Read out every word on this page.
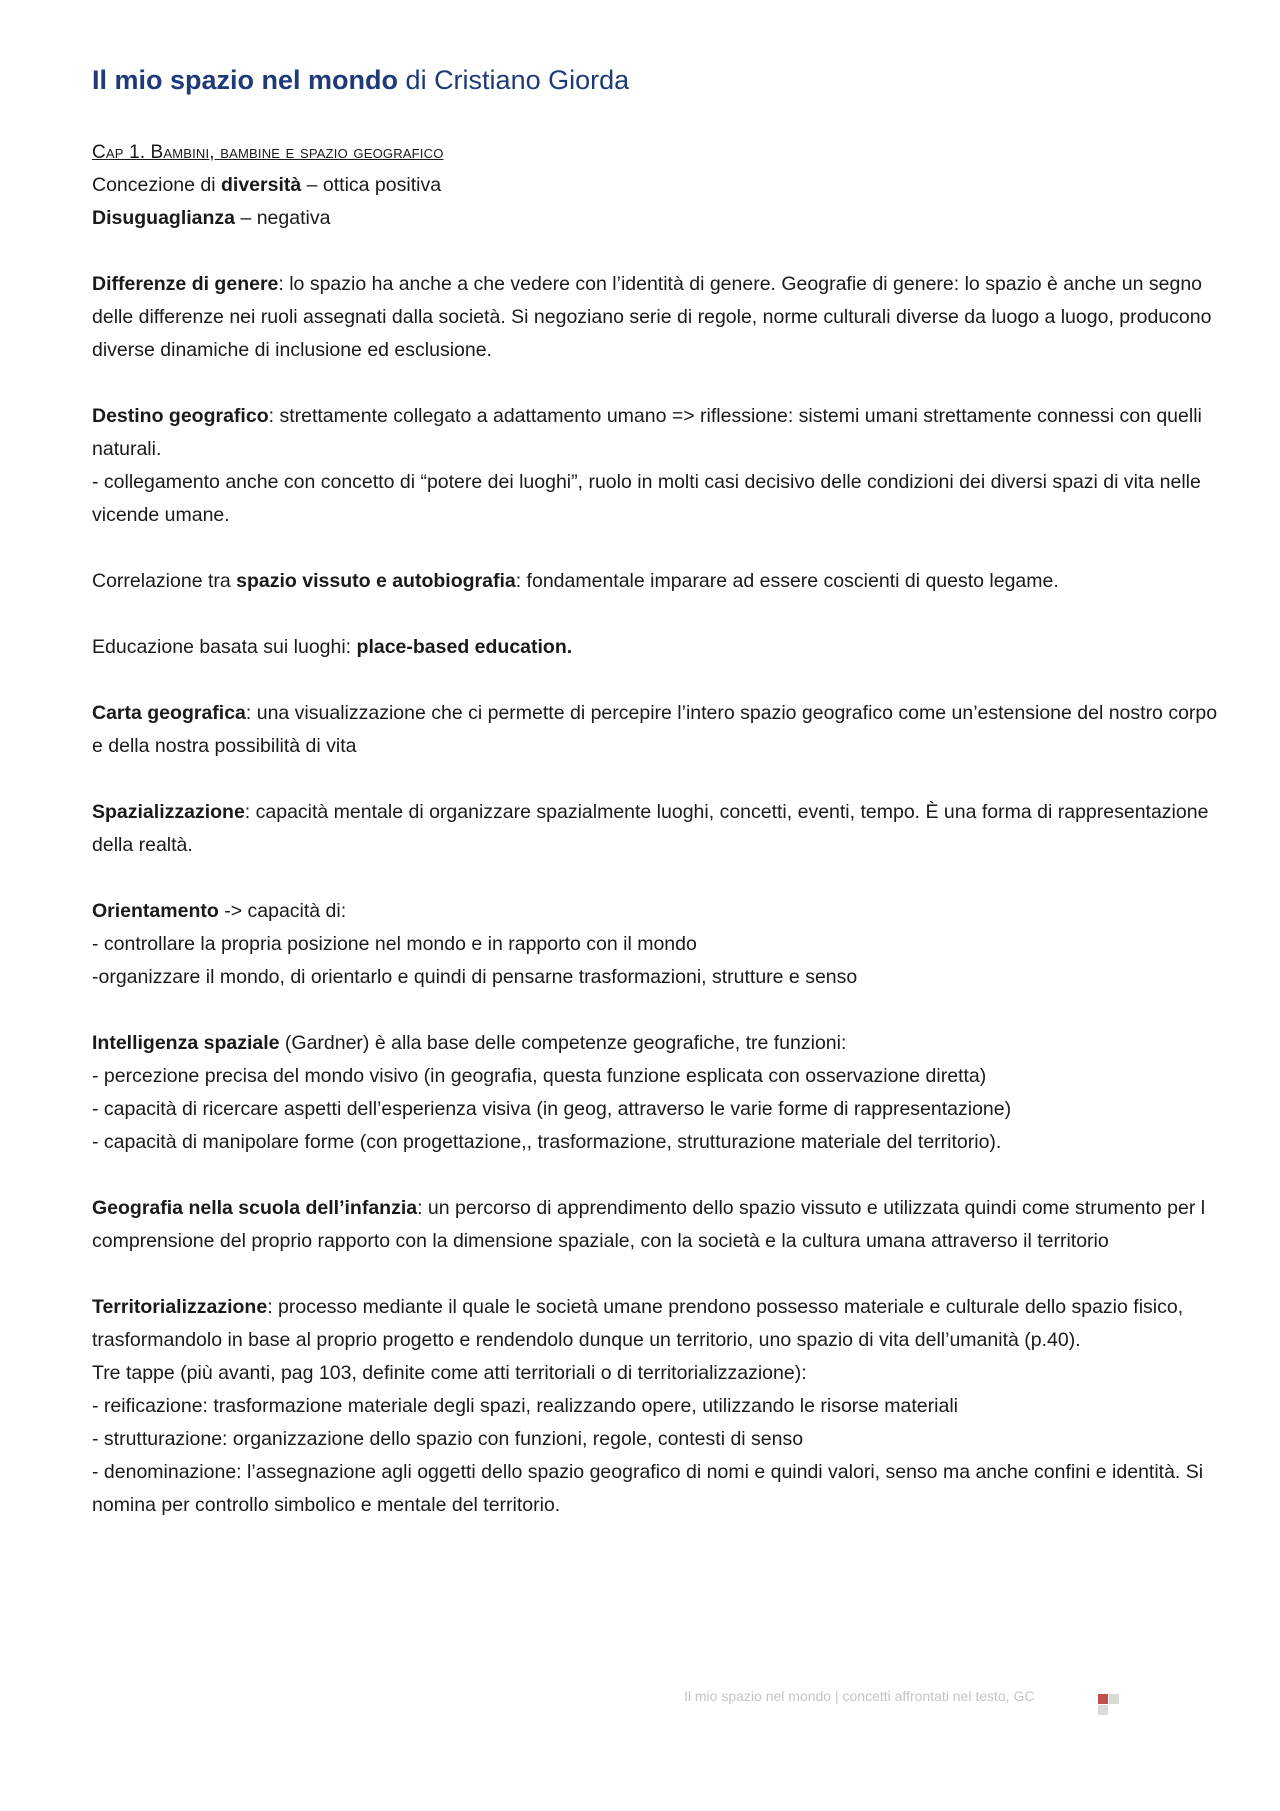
Il mio spazio nel mondo di Cristiano Giorda
Cap 1. Bambini, bambine e spazio geografico

Concezione di diversità – ottica positiva
Disuguaglianza – negativa

Differenze di genere: lo spazio ha anche a che vedere con l’identità di genere. Geografie di genere: lo spazio è anche un segno delle differenze nei ruoli assegnati dalla società. Si negoziano serie di regole, norme culturali diverse da luogo a luogo, producono diverse dinamiche di inclusione ed esclusione.

Destino geografico: strettamente collegato a adattamento umano => riflessione: sistemi umani strettamente connessi con quelli naturali.
- collegamento anche con concetto di “potere dei luoghi”, ruolo in molti casi decisivo delle condizioni dei diversi spazi di vita nelle vicende umane.

Correlazione tra spazio vissuto e autobiografia: fondamentale imparare ad essere coscienti di questo legame.

Educazione basata sui luoghi: place-based education.

Carta geografica: una visualizzazione che ci permette di percepire l’intero spazio geografico come un’estensione del nostro corpo e della nostra possibilità di vita

Spazializzazione: capacità mentale di organizzare spazialmente luoghi, concetti, eventi, tempo. È una forma di rappresentazione della realtà.

Orientamento -> capacità di:
- controllare la propria posizione nel mondo e in rapporto con il mondo
-organizzare il mondo, di orientarlo e quindi di pensarne trasformazioni, strutture e senso

Intelligenza spaziale (Gardner) è alla base delle competenze geografiche, tre funzioni:
- percezione precisa del mondo visivo (in geografia, questa funzione esplicata con osservazione diretta)
- capacità di ricercare aspetti dell’esperienza visiva (in geog, attraverso le varie forme di rappresentazione)
- capacità di manipolare forme (con progettazione,, trasformazione, strutturazione materiale del territorio).

Geografia nella scuola dell’infanzia: un percorso di apprendimento dello spazio vissuto e utilizzata quindi come strumento per l comprensione del proprio rapporto con la dimensione spaziale, con la società e la cultura umana attraverso il territorio

Territorializzazione: processo mediante il quale le società umane prendono possesso materiale e culturale dello spazio fisico, trasformandolo in base al proprio progetto e rendendolo dunque un territorio, uno spazio di vita dell’umanità (p.40).
Tre tappe (più avanti, pag 103, definite come atti territoriali o di territorializzazione):
- reificazione: trasformazione materiale degli spazi, realizzando opere, utilizzando le risorse materiali
- strutturazione: organizzazione dello spazio con funzioni, regole, contesti di senso
- denominazione: l’assegnazione agli oggetti dello spazio geografico di nomi e quindi valori, senso ma anche confini e identità. Si nomina per controllo simbolico e mentale del territorio.

Il mio spazio nel mondo | concetti affrontati nel testo, GC
